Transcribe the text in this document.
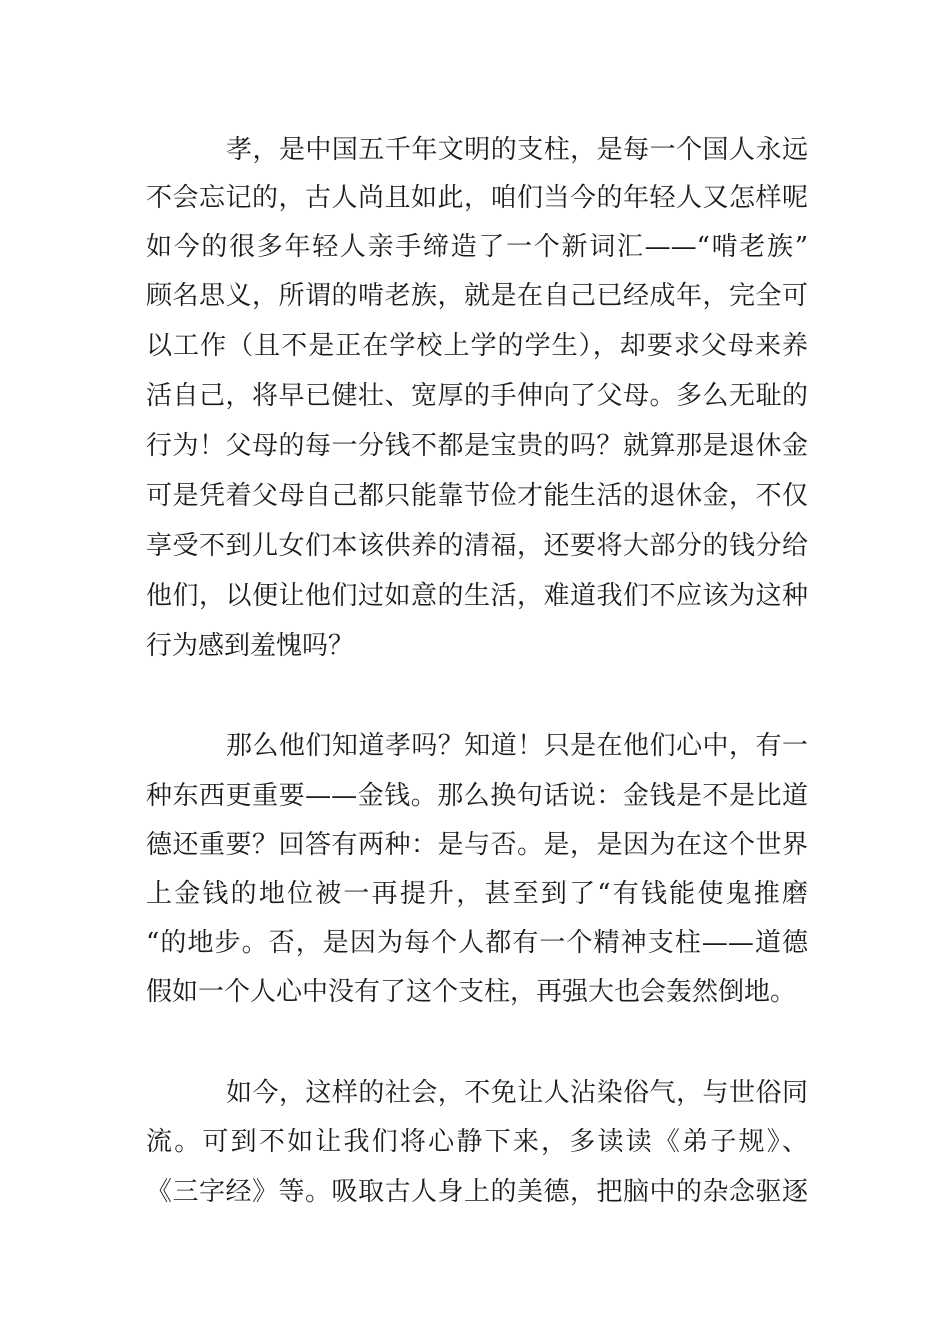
孝，是中国五千年文明的支柱，是每一个国人永远
不会忘记的，古人尚且如此，咱们当今的年轻人又怎样呢
如今的很多年轻人亲手缔造了一个新词汇——“啃老族”
顾名思义，所谓的啃老族，就是在自己已经成年，完全可
以工作（且不是正在学校上学的学生），却要求父母来养
活自己，将早已健壮、宽厚的手伸向了父母。多么无耻的
行为！父母的每一分钱不都是宝贵的吗？就算那是退休金
可是凭着父母自己都只能靠节俭才能生活的退休金，不仅
享受不到儿女们本该供养的清福，还要将大部分的钱分给
他们，以便让他们过如意的生活，难道我们不应该为这种
行为感到羞愧吗？
那么他们知道孝吗？知道！只是在他们心中，有一
种东西更重要——金钱。那么换句话说：金钱是不是比道
德还重要？回答有两种：是与否。是，是因为在这个世界
上金钱的地位被一再提升，甚至到了“有钱能使鬼推磨
“的地步。否，是因为每个人都有一个精神支柱——道德
假如一个人心中没有了这个支柱，再强大也会轰然倒地。
如今，这样的社会，不免让人沾染俗气，与世俗同
流。可到不如让我们将心静下来，多读读《弟子规》、
《三字经》等。吸取古人身上的美德，把脑中的杂念驱逐
